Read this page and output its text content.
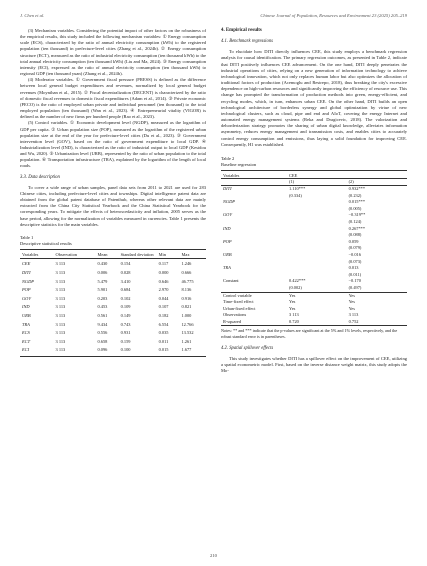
J. Chen et al.	Chinese Journal of Population, Resources and Environment 23 (2025) 205–219

(3) Mechanism variables. Considering the potential impact of other factors on the robustness of the empirical results, this study included the following mechanism variables: ① Energy consumption scale (ECS), characterized by the ratio of annual electricity consumption (kWh) to the registered population (ten thousand) in prefecture-level cities (Zhang et al., 2024b). ② Energy consumption structure (ECT), measured as the ratio of industrial electricity consumption (ten thousand kWh) to the total annual electricity consumption (ten thousand kWh) (Liu and Ma, 2024). ③ Energy consumption intensity (ECI), expressed as the ratio of annual electricity consumption (ten thousand kWh) to regional GDP (ten thousand yuan) (Zhang et al., 2024b).

(4) Moderator variables. ① Government fiscal pressure (PRESS) is defined as the difference between local general budget expenditures and revenues, normalized by local general budget revenues (Moynihan et al., 2015). ② Fiscal decentralization (DECENT) is characterized by the ratio of domestic fiscal revenues to domestic fiscal expenditures (Adam et al., 2014). ③ Private economic (PECO) is the ratio of employed urban private and individual personnel (ten thousand) to the total employed population (ten thousand) (Wan et al., 2023). ④ Entrepreneurial vitality (VIGOR) is defined as the number of new firms per hundred people (Rao et al., 2023).

(5) Control variables. ① Economic development level (NGDP), measured as the logarithm of GDP per capita. ② Urban population size (POP), measured as the logarithm of the registered urban population size at the end of the year for prefecture-level cities (Du et al., 2023). ③ Government intervention level (GOV), based on the ratio of government expenditure to local GDP. ④ Industrialization level (IND), is characterized as the ratio of industrial output to local GDP (Kesidou and Wu, 2020). ⑤ Urbanization level (URB), represented by the ratio of urban population to the total population. ⑥ Transportation infrastructure (TRA), explained by the logarithm of the length of local roads.

3.3. Data description

To cover a wide range of urban samples, panel data sets from 2011 to 2021 are used for 283 Chinese cities, including prefecture-level cities and townships. Digital intelligence patent data are obtained from the global patent database of Patenthub, whereas other relevant data are mainly extracted from the China City Statistical Yearbook and the China Statistical Yearbook for the corresponding years. To mitigate the effects of heteroscedasticity and inflation, 2005 serves as the base period, allowing for the normalization of variables measured in currencies. Table 1 presents the descriptive statistics for the main variables.

Table 1
Descriptive statistical results
Variables	Observation	Mean	Standard deviation	Min	Max
CEE	3 113	0.430	0.154	0.117	1.246
DITI	3 113	0.006	0.028	0.000	0.666
NGDP	3 113	5.479	3.410	0.646	46.775
POP	3 113	5.901	0.684	2.970	8.136
GOV	3 113	0.203	0.102	0.044	0.916
IND	3 113	0.453	0.109	0.107	0.821
URB	3 113	0.561	0.149	0.182	1.000
TRA	3 113	9.434	0.743	6.554	12.766
ECS	3 113	0.556	0.931	0.035	13.532
ECT	3 113	0.658	0.159	0.011	1.261
ECI	3 113	0.096	0.100	0.015	1.677
4. Empirical results
4.1. Benchmark regressions

To elucidate how DITI directly influences CEE, this study employs a benchmark regression analysis for causal identification. The primary regression outcomes, as presented in Table 2, indicate that DITI positively influences CEE advancement. On the one hand, DITI deeply penetrates the industrial operations of cities, relying on a new generation of information technology to achieve technological innovation, which not only replaces human labor but also optimizes the allocation of traditional factors of production (Acemoglu and Restrepo, 2018), thus breaking the city's excessive dependence on high-carbon resources and significantly improving the efficiency of resource use. This change has prompted the transformation of production methods into green, energy-efficient, and recycling modes, which, in turn, enhances urban CEE. On the other hand, DITI builds an open technological architecture of borderless synergy and global optimization by virtue of new technological clusters, such as cloud, pipe and end and AIoT, covering the energy Internet and automated energy management systems (Reka and Dragicevic, 2018). The valorization and dehorderization strategy promotes the sharing of urban digital knowledge, alleviates information asymmetry, reduces energy management and transmission costs, and enables cities to accurately control energy consumption and emissions, thus laying a solid foundation for improving CEE. Consequently, H1 was established.

Table 2
Baseline regression
Variables	CEE	
	(1)	(2)
DITI	1.110***	0.932***
	(0.334)	(0.232)
NGDP		0.015***
		(0.005)
GOV		−0.319**
		(0.124)
IND		0.267***
		(0.088)
POP		0.059
		(0.079)
URB		−0.016
		(0.073)
TRA		0.013
		(0.011)
Constant	0.422***	−0.170
	(0.002)	(0.497)
Control variable	Yes	Yes
Time-fixed effect	Yes	Yes
Urban-fixed effect	Yes	Yes
Observations	3 113	3 113
R-squared	0.720	0.752
Notes: ** and *** indicate that the p-values are significant at the 5% and 1% levels, respectively, and the robust standard error is in parentheses.
4.2. Spatial spillover effects

This study investigates whether DITI has a spillover effect on the improvement of CEE, utilizing a spatial econometric model. First, based on the inverse distance weight matrix, this study adopts the Mo-

210
